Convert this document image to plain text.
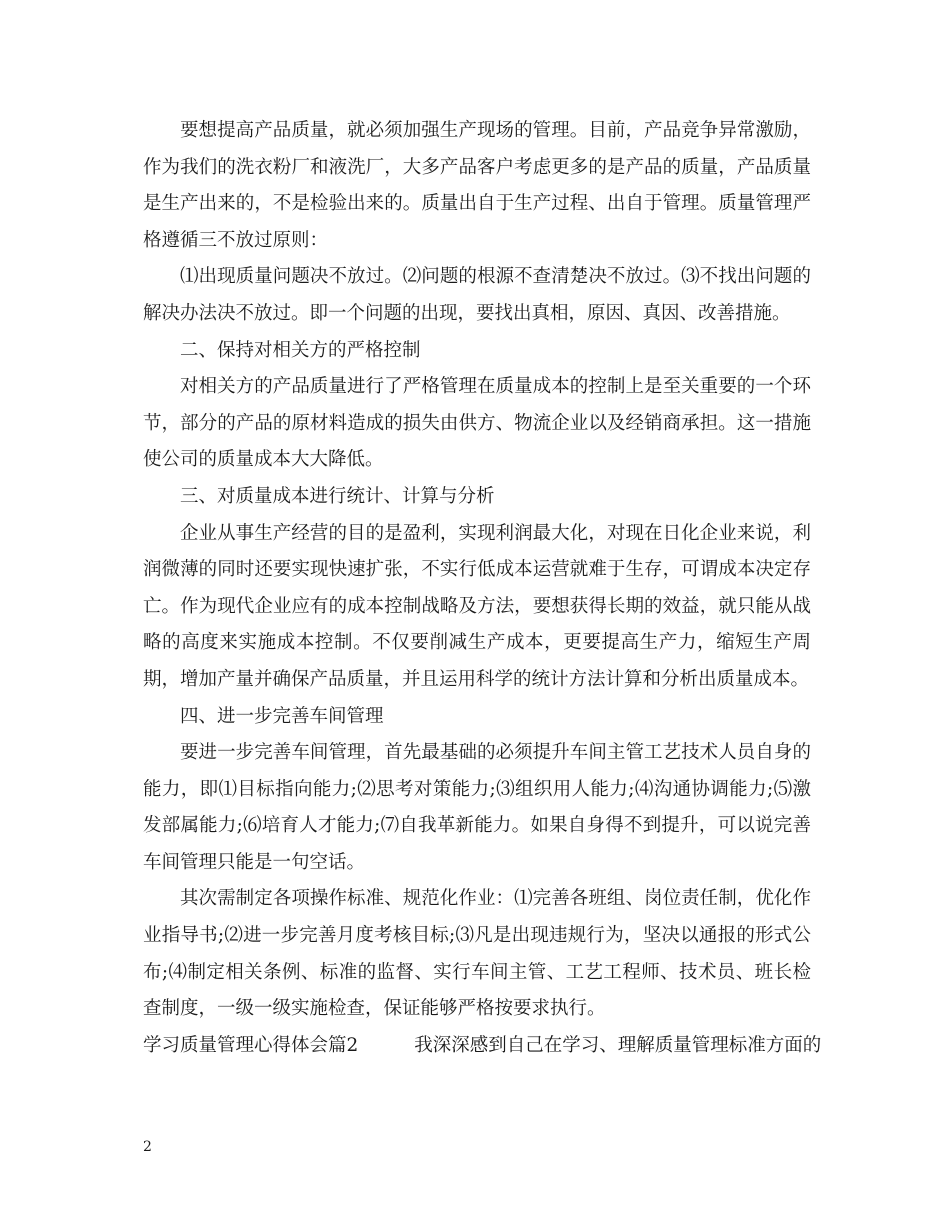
要想提高产品质量，就必须加强生产现场的管理。目前，产品竞争异常激励，作为我们的洗衣粉厂和液洗厂，大多产品客户考虑更多的是产品的质量，产品质量是生产出来的，不是检验出来的。质量出自于生产过程、出自于管理。质量管理严格遵循三不放过原则：

⑴出现质量问题决不放过。⑵问题的根源不查清楚决不放过。⑶不找出问题的解决办法决不放过。即一个问题的出现，要找出真相，原因、真因、改善措施。

二、保持对相关方的严格控制

对相关方的产品质量进行了严格管理在质量成本的控制上是至关重要的一个环节，部分的产品的原材料造成的损失由供方、物流企业以及经销商承担。这一措施使公司的质量成本大大降低。

三、对质量成本进行统计、计算与分析

企业从事生产经营的目的是盈利，实现利润最大化，对现在日化企业来说，利润微薄的同时还要实现快速扩张，不实行低成本运营就难于生存，可谓成本决定存亡。作为现代企业应有的成本控制战略及方法，要想获得长期的效益，就只能从战略的高度来实施成本控制。不仅要削减生产成本，更要提高生产力，缩短生产周期，增加产量并确保产品质量，并且运用科学的统计方法计算和分析出质量成本。

四、进一步完善车间管理

要进一步完善车间管理，首先最基础的必须提升车间主管工艺技术人员自身的能力，即⑴目标指向能力;⑵思考对策能力;⑶组织用人能力;⑷沟通协调能力;⑸激发部属能力;⑹培育人才能力;⑺自我革新能力。如果自身得不到提升，可以说完善车间管理只能是一句空话。

其次需制定各项操作标准、规范化作业：⑴完善各班组、岗位责任制，优化作业指导书;⑵进一步完善月度考核目标;⑶凡是出现违规行为，坚决以通报的形式公布;⑷制定相关条例、标准的监督、实行车间主管、工艺工程师、技术员、班长检查制度，一级一级实施检查，保证能够严格按要求执行。

学习质量管理心得体会篇2	我深深感到自己在学习、理解质量管理标准方面的

2
